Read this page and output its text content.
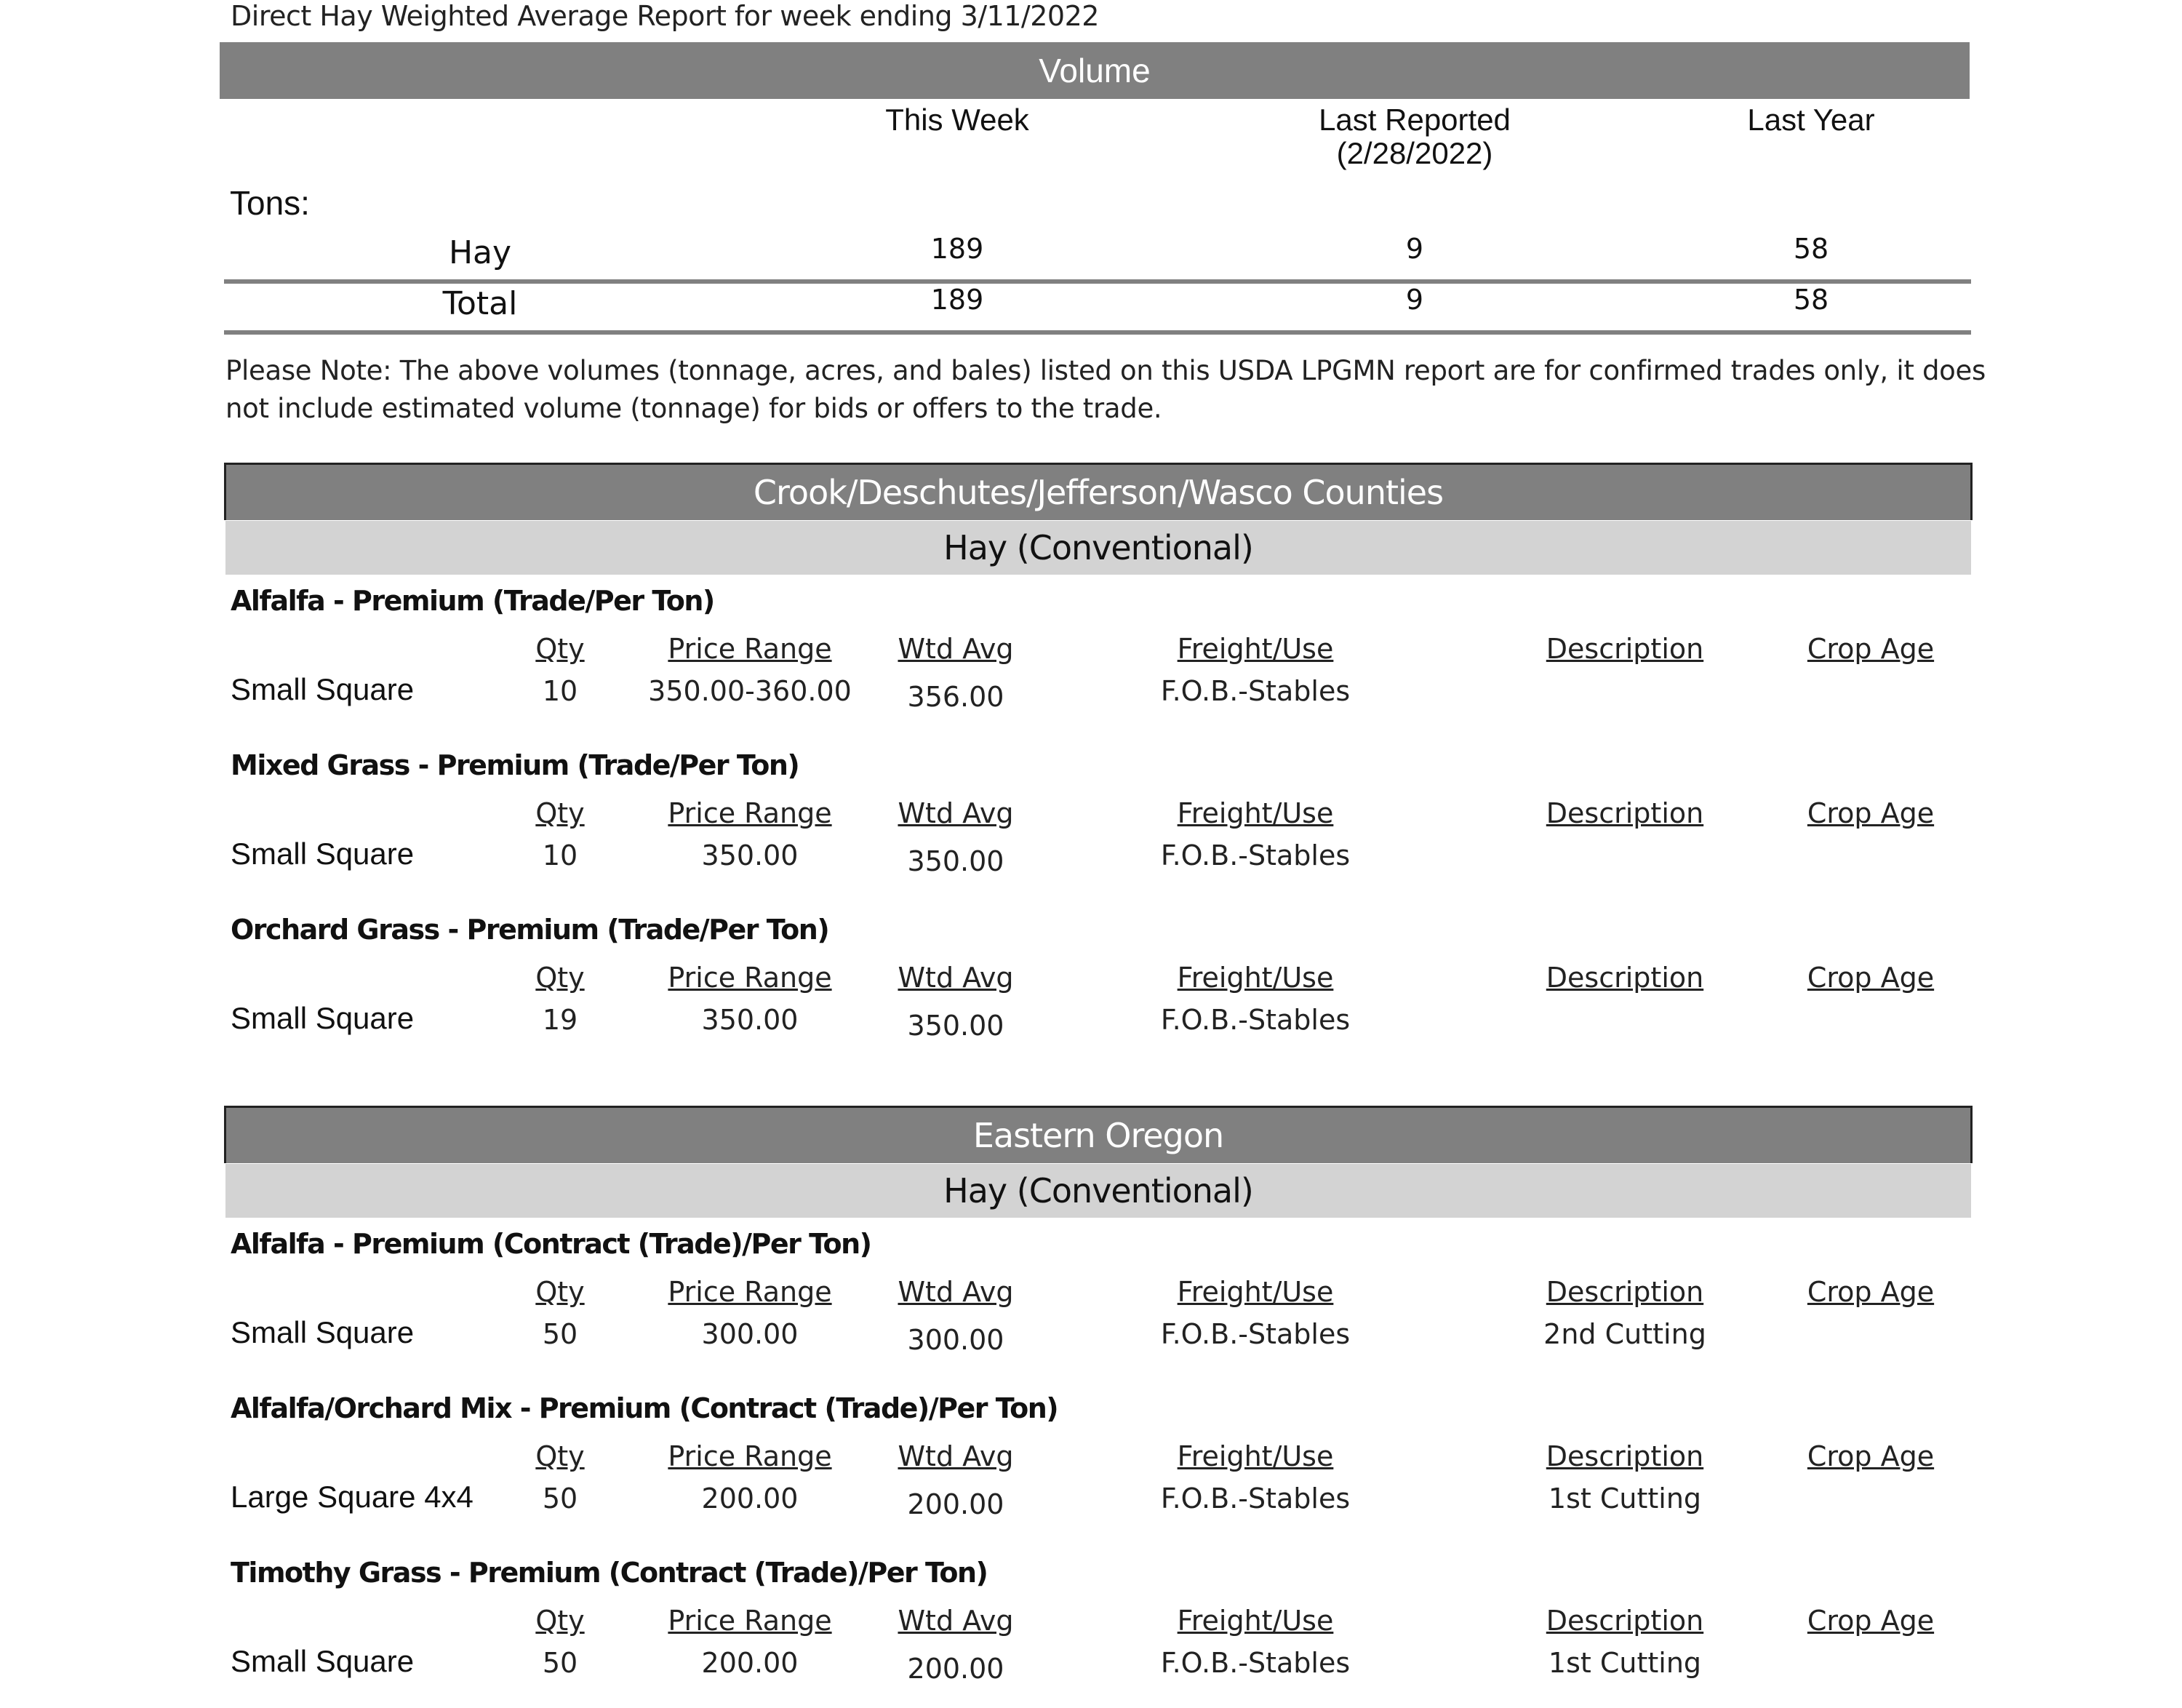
Direct Hay Weighted Average Report for week ending 3/11/2022
Volume
This Week	Last Reported
(2/28/2022)
Last Year
Tons:
Hay	189	9	58
Total	189	9	58
Please Note: The above volumes (tonnage, acres, and bales) listed on this USDA LPGMN report are for confirmed trades only, it does not include estimated volume (tonnage) for bids or offers to the trade.
Crook/Deschutes/Jefferson/Wasco Counties
Hay (Conventional)
Alfalfa - Premium (Trade/Per Ton)
Qty	Price Range	Wtd Avg	Freight/Use	Description	Crop Age
Small Square	10	350.00-360.00	356.00	F.O.B.-Stables
Mixed Grass - Premium (Trade/Per Ton)
Qty	Price Range	Wtd Avg	Freight/Use	Description	Crop Age
Small Square	10	350.00	350.00	F.O.B.-Stables
Orchard Grass - Premium (Trade/Per Ton)
Qty	Price Range	Wtd Avg	Freight/Use	Description	Crop Age
Small Square	19	350.00	350.00	F.O.B.-Stables
Eastern Oregon
Hay (Conventional)
Alfalfa - Premium (Contract (Trade)/Per Ton)
Qty	Price Range	Wtd Avg	Freight/Use	Description	Crop Age
Small Square	50	300.00	300.00	F.O.B.-Stables	2nd Cutting
Alfalfa/Orchard Mix - Premium (Contract (Trade)/Per Ton)
Qty	Price Range	Wtd Avg	Freight/Use	Description	Crop Age
Large Square 4x4	50	200.00	200.00	F.O.B.-Stables	1st Cutting
Timothy Grass - Premium (Contract (Trade)/Per Ton)
Qty	Price Range	Wtd Avg	Freight/Use	Description	Crop Age
Small Square	50	200.00	200.00	F.O.B.-Stables	1st Cutting
